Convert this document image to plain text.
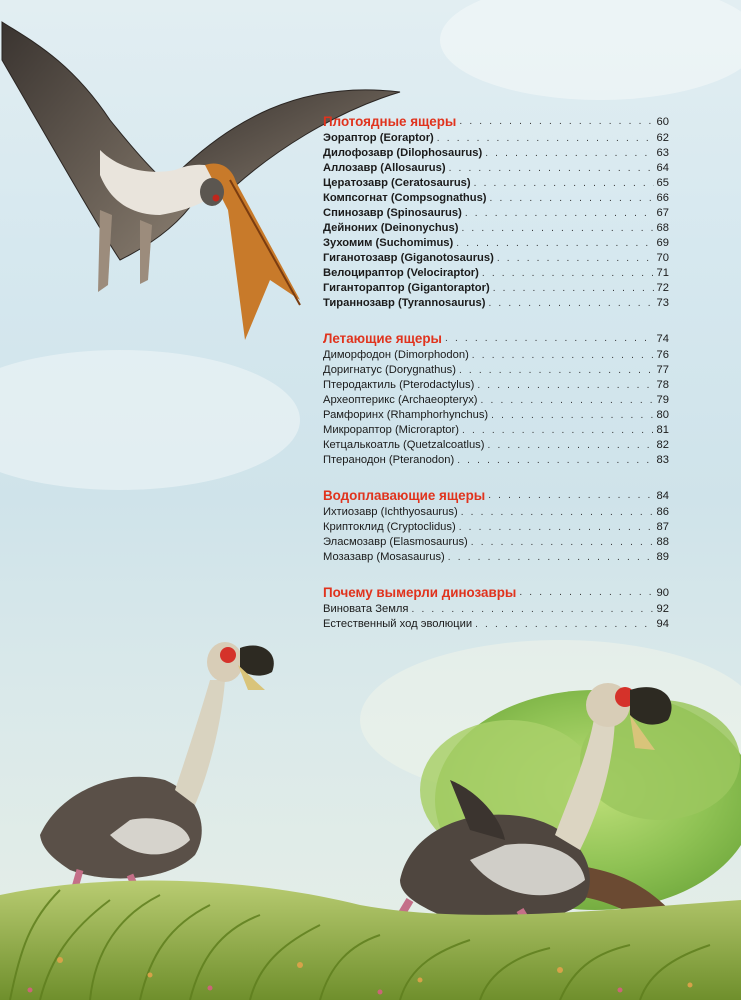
Плотоядные ящеры . . .	60
Эораптор (Eoraptor) . . .	62
Дилофозавр (Dilophosaurus) . . .	63
Аллозавр (Allosaurus) . . .	64
Цератозавр (Ceratosaurus) . . .	65
Компсогнат (Compsognathus) . . .	66
Спинозавр (Spinosaurus) . . .	67
Дейноних (Deinonychus) . . .	68
Зухомим (Suchomimus) . . .	69
Гиганотозавр (Giganotosaurus) . . .	70
Велоцираптор (Velociraptor) . . .	71
Гиганторaптор (Gigantoraptor) . . .	72
Тираннозавр (Tyrannosaurus) . . .	73
Летающие ящеры . . .	74
Диморфодон (Dimorphodon) . . .	76
Доригнатус (Dorygnathus) . . .	77
Птеродактиль (Pterodactylus) . . .	78
Археоптерикс (Archaeopteryx) . . .	79
Рамфоринх (Rhamphorhynchus) . . .	80
Микрораптор (Microraptor) . . .	81
Кетцалькоатль (Quetzalcoatlus) . . .	82
Птеранодон (Pteranodon) . . .	83
Водоплавающие ящеры . . .	84
Ихтиозавр (Ichthyosaurus) . . .	86
Криптоклид (Cryptoclidus) . . .	87
Эласмозавр (Elasmosaurus) . . .	88
Мозазавр (Mosasaurus) . . .	89
Почему вымерли динозавры . . .	90
Виновата Земля . . .	92
Естественный ход эволюции . . .	94
